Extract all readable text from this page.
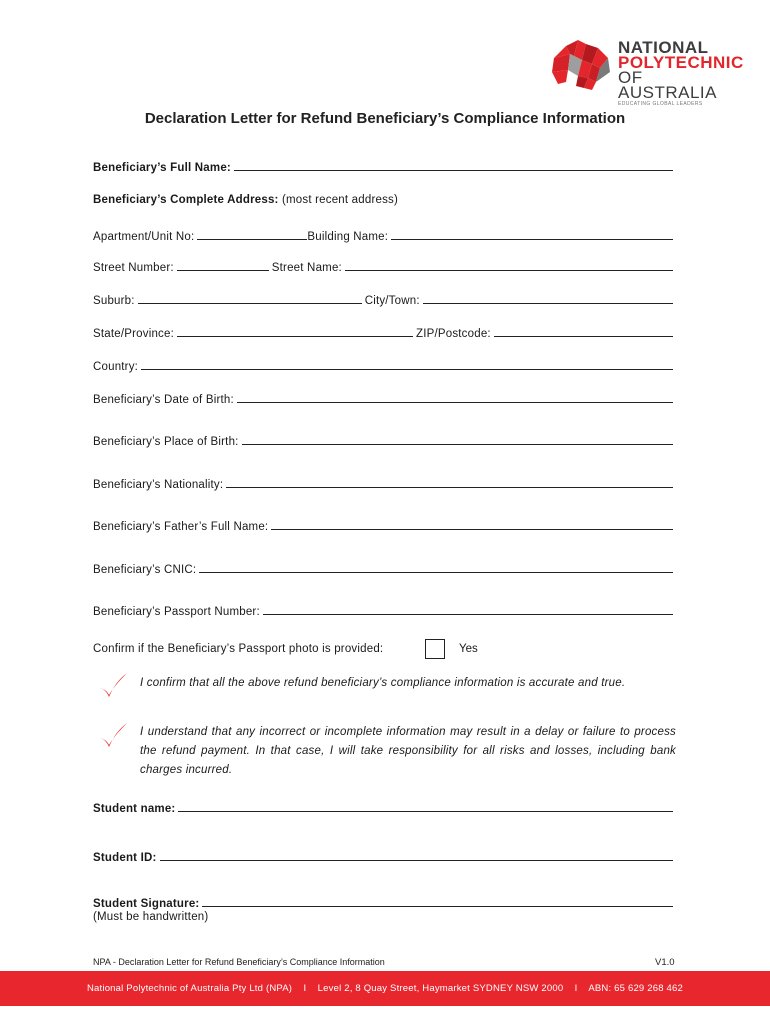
NATIONAL
POLYTECHNIC
OF AUSTRALIA
EDUCATING GLOBAL LEADERS
Declaration Letter for Refund Beneficiary’s Compliance Information
Beneficiary’s Full Name:
Beneficiary’s Complete Address: (most recent address)
Apartment/Unit No:	Building Name:
Street Number:	Street Name:
Suburb:	City/Town:
State/Province:	ZIP/Postcode:
Country:
Beneficiary’s Date of Birth:
Beneficiary’s Place of Birth:
Beneficiary’s Nationality:
Beneficiary’s Father’s Full Name:
Beneficiary’s CNIC:
Beneficiary’s Passport Number:
Confirm if the Beneficiary’s Passport photo is provided:	Yes
I confirm that all the above refund beneficiary’s compliance information is accurate and true.
I understand that any incorrect or incomplete information may result in a delay or failure to process the refund payment. In that case, I will take responsibility for all risks and losses, including bank charges incurred.
Student name:
Student ID:
Student Signature:
(Must be handwritten)
NPA - Declaration Letter for Refund Beneficiary’s Compliance Information	V1.0
National Polytechnic of Australia Pty Ltd (NPA)    I    Level 2, 8 Quay Street, Haymarket SYDNEY NSW 2000    I    ABN: 65 629 268 462
